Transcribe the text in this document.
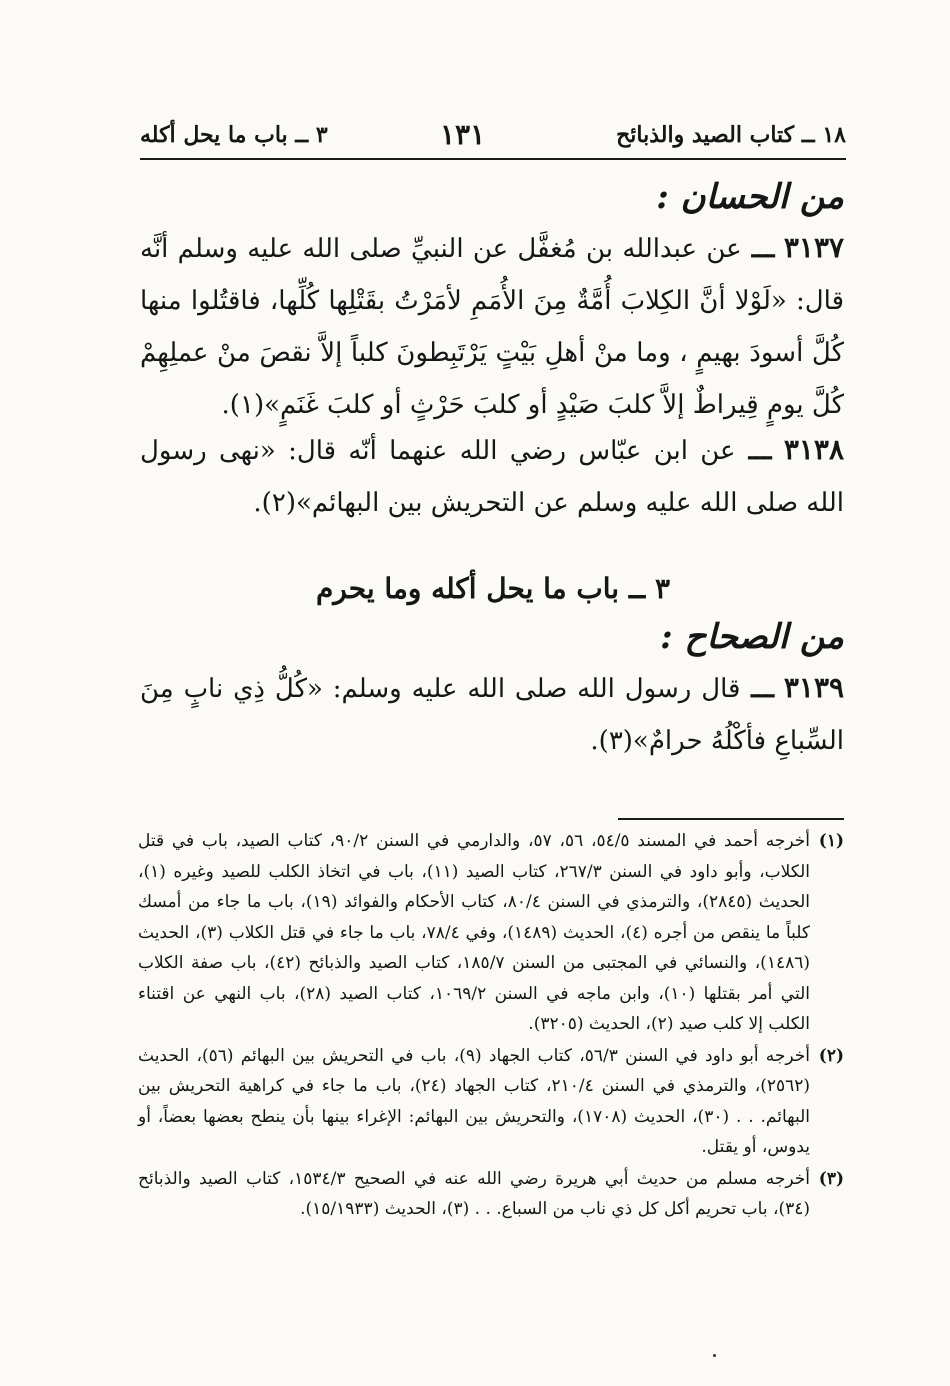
١٨ ــ كتاب الصيد والذبائح
١٣١
٣ ــ باب ما يحل أكله
من الحسان :
٣١٣٧ ـــ عن عبدالله بن مُغفَّل عن النبيِّ صلى الله عليه وسلم أنَّه قال: «لَوْلا أنَّ الكِلابَ أُمَّةٌ مِنَ الأُمَمِ لأمَرْتُ بقَتْلِها كُلِّها، فاقتُلوا منها كُلَّ أسودَ بهيمٍ ، وما منْ أهلِ بَيْتٍ يَرْتَبِطونَ كلباً إلاَّ نقصَ منْ عملِهِمْ كُلَّ يومٍ قِيراطٌ إلاَّ كلبَ صَيْدٍ أو كلبَ حَرْثٍ أو كلبَ غَنَمٍ»(١).
٣١٣٨ ـــ عن ابن عبّاس رضي الله عنهما أنّه قال: «نهى رسول الله صلى الله عليه وسلم عن التحريش بين البهائم»(٢).
٣ ــ باب ما يحل أكله وما يحرم
من الصحاح :
٣١٣٩ ـــ قال رسول الله صلى الله عليه وسلم: «كُلُّ ذِي نابٍ مِنَ السِّباعِ فأكْلُهُ حرامٌ»(٣).
(١)
أخرجه أحمد في المسند ٥٤/٥، ٥٦، ٥٧، والدارمي في السنن ٩٠/٢، كتاب الصيد، باب في قتل الكلاب، وأبو داود في السنن ٢٦٧/٣، كتاب الصيد (١١)، باب في اتخاذ الكلب للصيد وغيره (١)، الحديث (٢٨٤٥)، والترمذي في السنن ٨٠/٤، كتاب الأحكام والفوائد (١٩)، باب ما جاء من أمسك كلباً ما ينقص من أجره (٤)، الحديث (١٤٨٩)، وفي ٧٨/٤، باب ما جاء في قتل الكلاب (٣)، الحديث (١٤٨٦)، والنسائي في المجتبى من السنن ١٨٥/٧، كتاب الصيد والذبائح (٤٢)، باب صفة الكلاب التي أمر بقتلها (١٠)، وابن ماجه في السنن ١٠٦٩/٢، كتاب الصيد (٢٨)، باب النهي عن اقتناء الكلب إلا كلب صيد (٢)، الحديث (٣٢٠٥).
(٢)
أخرجه أبو داود في السنن ٥٦/٣، كتاب الجهاد (٩)، باب في التحريش بين البهائم (٥٦)، الحديث (٢٥٦٢)، والترمذي في السنن ٢١٠/٤، كتاب الجهاد (٢٤)، باب ما جاء في كراهية التحريش بين البهائم. . . (٣٠)، الحديث (١٧٠٨)، والتحريش بين البهائم: الإغراء بينها بأن ينطح بعضها بعضاً، أو يدوس، أو يقتل.
(٣)
أخرجه مسلم من حديث أبي هريرة رضي الله عنه في الصحيح ١٥٣٤/٣، كتاب الصيد والذبائح (٣٤)، باب تحريم أكل كل ذي ناب من السباع. . . (٣)، الحديث (١٥/١٩٣٣).
